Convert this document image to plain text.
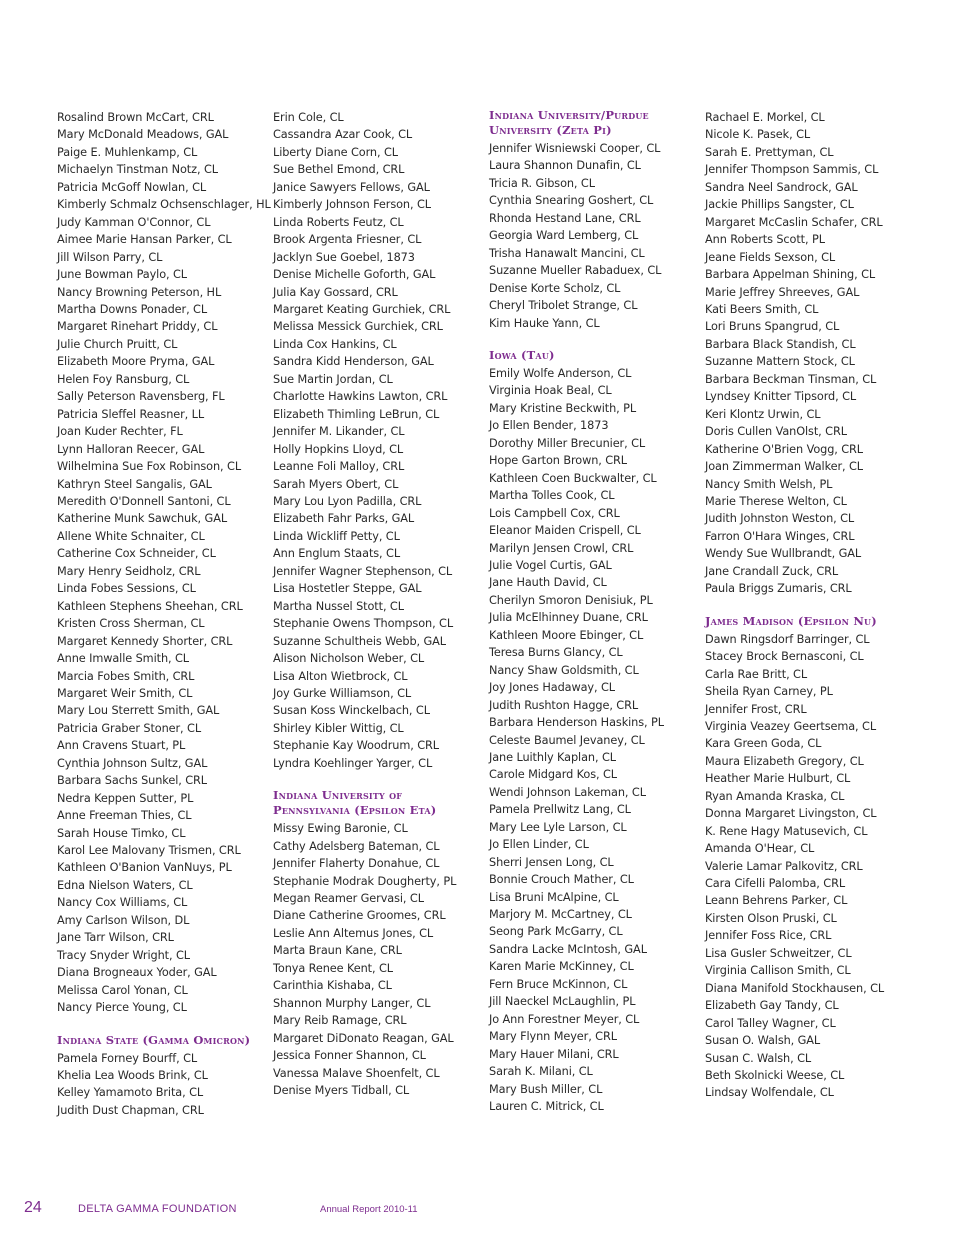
Rosalind Brown McCart, CRL
Mary McDonald Meadows, GAL
Paige E. Muhlenkamp, CL
Michaelyn Tinstman Notz, CL
Patricia McGoff Nowlan, CL
Kimberly Schmalz Ochsenschlager, HL
Judy Kamman O'Connor, CL
Aimee Marie Hansan Parker, CL
Jill Wilson Parry, CL
June Bowman Paylo, CL
Nancy Browning Peterson, HL
Martha Downs Ponader, CL
Margaret Rinehart Priddy, CL
Julie Church Pruitt, CL
Elizabeth Moore Pryma, GAL
Helen Foy Ransburg, CL
Sally Peterson Ravensberg, FL
Patricia Sleffel Reasner, LL
Joan Kuder Rechter, FL
Lynn Halloran Reecer, GAL
Wilhelmina Sue Fox Robinson, CL
Kathryn Steel Sangalis, GAL
Meredith O'Donnell Santoni, CL
Katherine Munk Sawchuk, GAL
Allene White Schnaiter, CL
Catherine Cox Schneider, CL
Mary Henry Seidholz, CRL
Linda Fobes Sessions, CL
Kathleen Stephens Sheehan, CRL
Kristen Cross Sherman, CL
Margaret Kennedy Shorter, CRL
Anne Imwalle Smith, CL
Marcia Fobes Smith, CRL
Margaret Weir Smith, CL
Mary Lou Sterrett Smith, GAL
Patricia Graber Stoner, CL
Ann Cravens Stuart, PL
Cynthia Johnson Sultz, GAL
Barbara Sachs Sunkel, CRL
Nedra Keppen Sutter, PL
Anne Freeman Thies, CL
Sarah House Timko, CL
Karol Lee Malovany Trismen, CRL
Kathleen O'Banion VanNuys, PL
Edna Nielson Waters, CL
Nancy Cox Williams, CL
Amy Carlson Wilson, DL
Jane Tarr Wilson, CRL
Tracy Snyder Wright, CL
Diana Brogneaux Yoder, GAL
Melissa Carol Yonan, CL
Nancy Pierce Young, CL
Indiana State (Gamma Omicron)
Pamela Forney Bourff, CL
Khelia Lea Woods Brink, CL
Kelley Yamamoto Brita, CL
Judith Dust Chapman, CRL
Erin Cole, CL
Cassandra Azar Cook, CL
Liberty Diane Corn, CL
Sue Bethel Emond, CRL
Janice Sawyers Fellows, GAL
Kimberly Johnson Ferson, CL
Linda Roberts Feutz, CL
Brook Argenta Friesner, CL
Jacklyn Sue Goebel, 1873
Denise Michelle Goforth, GAL
Julia Kay Gossard, CRL
Margaret Keating Gurchiek, CRL
Melissa Messick Gurchiek, CRL
Linda Cox Hankins, CL
Sandra Kidd Henderson, GAL
Sue Martin Jordan, CL
Charlotte Hawkins Lawton, CRL
Elizabeth Thimling LeBrun, CL
Jennifer M. Likander, CL
Holly Hopkins Lloyd, CL
Leanne Foli Malloy, CRL
Sarah Myers Obert, CL
Mary Lou Lyon Padilla, CRL
Elizabeth Fahr Parks, GAL
Linda Wickliff Petty, CL
Ann Englum Staats, CL
Jennifer Wagner Stephenson, CL
Lisa Hostetler Steppe, GAL
Martha Nussel Stott, CL
Stephanie Owens Thompson, CL
Suzanne Schultheis Webb, GAL
Alison Nicholson Weber, CL
Lisa Alton Wietbrock, CL
Joy Gurke Williamson, CL
Susan Koss Winckelbach, CL
Shirley Kibler Wittig, CL
Stephanie Kay Woodrum, CRL
Lyndra Koehlinger Yarger, CL
Indiana University of
Pennsylvania (Epsilon Eta)
Missy Ewing Baronie, CL
Cathy Adelsberg Bateman, CL
Jennifer Flaherty Donahue, CL
Stephanie Modrak Dougherty, PL
Megan Reamer Gervasi, CL
Diane Catherine Groomes, CRL
Leslie Ann Altemus Jones, CL
Marta Braun Kane, CRL
Tonya Renee Kent, CL
Carinthia Kishaba, CL
Shannon Murphy Langer, CL
Mary Reib Ramage, CRL
Margaret DiDonato Reagan, GAL
Jessica Fonner Shannon, CL
Vanessa Malave Shoenfelt, CL
Denise Myers Tidball, CL
Indiana University/Purdue
University (Zeta Pi)
Jennifer Wisniewski Cooper, CL
Laura Shannon Dunafin, CL
Tricia R. Gibson, CL
Cynthia Snearing Goshert, CL
Rhonda Hestand Lane, CRL
Georgia Ward Lemberg, CL
Trisha Hanawalt Mancini, CL
Suzanne Mueller Rabaduex, CL
Denise Korte Scholz, CL
Cheryl Tribolet Strange, CL
Kim Hauke Yann, CL
Iowa (Tau)
Emily Wolfe Anderson, CL
Virginia Hoak Beal, CL
Mary Kristine Beckwith, PL
Jo Ellen Bender, 1873
Dorothy Miller Brecunier, CL
Hope Garton Brown, CRL
Kathleen Coen Buckwalter, CL
Martha Tolles Cook, CL
Lois Campbell Cox, CRL
Eleanor Maiden Crispell, CL
Marilyn Jensen Crowl, CRL
Julie Vogel Curtis, GAL
Jane Hauth David, CL
Cherilyn Smoron Denisiuk, PL
Julia McElhinney Duane, CRL
Kathleen Moore Ebinger, CL
Teresa Burns Glancy, CL
Nancy Shaw Goldsmith, CL
Joy Jones Hadaway, CL
Judith Rushton Hagge, CRL
Barbara Henderson Haskins, PL
Celeste Baumel Jevaney, CL
Jane Luithly Kaplan, CL
Carole Midgard Kos, CL
Wendi Johnson Lakeman, CL
Pamela Prellwitz Lang, CL
Mary Lee Lyle Larson, CL
Jo Ellen Linder, CL
Sherri Jensen Long, CL
Bonnie Crouch Mather, CL
Lisa Bruni McAlpine, CL
Marjory M. McCartney, CL
Seong Park McGarry, CL
Sandra Lacke McIntosh, GAL
Karen Marie McKinney, CL
Fern Bruce McKinnon, CL
Jill Naeckel McLaughlin, PL
Jo Ann Forestner Meyer, CL
Mary Flynn Meyer, CRL
Mary Hauer Milani, CRL
Sarah K. Milani, CL
Mary Bush Miller, CL
Lauren C. Mitrick, CL
Rachael E. Morkel, CL
Nicole K. Pasek, CL
Sarah E. Prettyman, CL
Jennifer Thompson Sammis, CL
Sandra Neel Sandrock, GAL
Jackie Phillips Sangster, CL
Margaret McCaslin Schafer, CRL
Ann Roberts Scott, PL
Jeane Fields Sexson, CL
Barbara Appelman Shining, CL
Marie Jeffrey Shreeves, GAL
Kati Beers Smith, CL
Lori Bruns Spangrud, CL
Barbara Black Standish, CL
Suzanne Mattern Stock, CL
Barbara Beckman Tinsman, CL
Lyndsey Knitter Tipsord, CL
Keri Klontz Urwin, CL
Doris Cullen VanOlst, CRL
Katherine O'Brien Vogg, CRL
Joan Zimmerman Walker, CL
Nancy Smith Welsh, PL
Marie Therese Welton, CL
Judith Johnston Weston, CL
Farron O'Hara Winges, CRL
Wendy Sue Wullbrandt, GAL
Jane Crandall Zuck, CRL
Paula Briggs Zumaris, CRL
James Madison (Epsilon Nu)
Dawn Ringsdorf Barringer, CL
Stacey Brock Bernasconi, CL
Carla Rae Britt, CL
Sheila Ryan Carney, PL
Jennifer Frost, CRL
Virginia Veazey Geertsema, CL
Kara Green Goda, CL
Maura Elizabeth Gregory, CL
Heather Marie Hulburt, CL
Ryan Amanda Kraska, CL
Donna Margaret Livingston, CL
K. Rene Hagy Matusevich, CL
Amanda O'Hear, CL
Valerie Lamar Palkovitz, CRL
Cara Cifelli Palomba, CRL
Leann Behrens Parker, CL
Kirsten Olson Pruski, CL
Jennifer Foss Rice, CRL
Lisa Gusler Schweitzer, CL
Virginia Callison Smith, CL
Diana Manifold Stockhausen, CL
Elizabeth Gay Tandy, CL
Carol Talley Wagner, CL
Susan O. Walsh, GAL
Susan C. Walsh, CL
Beth Skolnicki Weese, CL
Lindsay Wolfendale, CL
24	DELTA GAMMA FOUNDATION	Annual Report 2010-11
